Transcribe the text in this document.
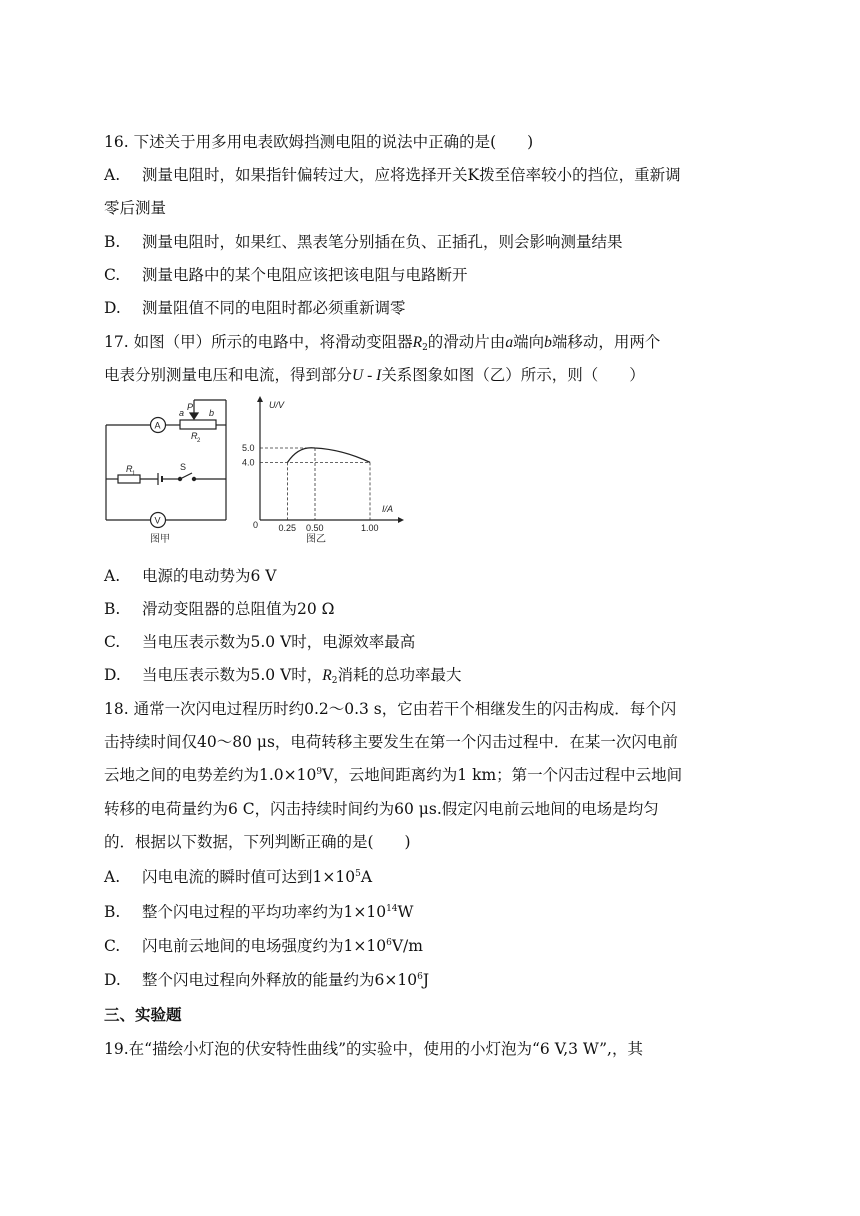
16. 下述关于用多用电表欧姆挡测电阻的说法中正确的是(　　)
A. 测量电阻时，如果指针偏转过大，应将选择开关K拨至倍率较小的挡位，重新调
零后测量
B. 测量电阻时，如果红、黑表笔分别插在负、正插孔，则会影响测量结果
C. 测量电路中的某个电阻应该把该电阻与电路断开
D. 测量阻值不同的电阻时都必须重新调零
17. 如图（甲）所示的电路中，将滑动变阻器$R_2$的滑动片由a端向b端移动，用两个
电表分别测量电压和电流，得到部分U - I关系图象如图（乙）所示，则（　　）
A
V
a
P
b
R 2
R 1
S
图甲
0.25 0.50	1.00
4.0
5.0
U/V
I/A
0
图乙
A. 电源的电动势为6 V
B. 滑动变阻器的总阻值为20 Ω
C. 当电压表示数为5.0 V时，电源效率最高
D. 当电压表示数为5.0 V时，$R_2$消耗的总功率最大
18. 通常一次闪电过程历时约0.2～0.3 s，它由若干个相继发生的闪击构成．每个闪
击持续时间仅40～80 μs，电荷转移主要发生在第一个闪击过程中．在某一次闪电前
云地之间的电势差约为$1.0\times 10^9V$，云地间距离约为1 km；第一个闪击过程中云地间
转移的电荷量约为6 C，闪击持续时间约为60 μs.假定闪电前云地间的电场是均匀
的．根据以下数据，下列判断正确的是(　　)
A. 闪电电流的瞬时值可达到$1\times 10^5A$
B. 整个闪电过程的平均功率约为$1\times 10^{14}W$
C. 闪电前云地间的电场强度约为$1\times 10^6V/m$
D. 整个闪电过程向外释放的能量约为$6\times 10^6J$
三、实验题
19.在“描绘小灯泡的伏安特性曲线”的实验中，使用的小灯泡为“6 V,3 W”,，其
